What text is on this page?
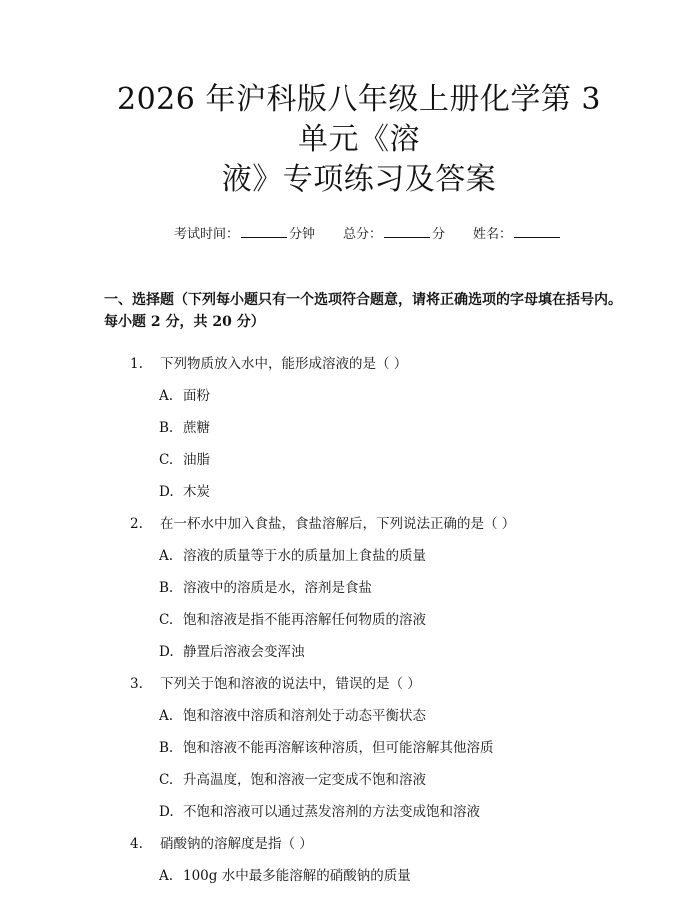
2026 年沪科版八年级上册化学第 3 单元《溶
液》专项练习及答案
考试时间：	分钟 总分：	分 姓名：
一、选择题（下列每小题只有一个选项符合题意，请将正确选项的字母填在括号内。每小题 2 分，共 20 分）
1.	下列物质放入水中，能形成溶液的是（ ）
A. 面粉
B. 蔗糖
C. 油脂
D. 木炭
2.	在一杯水中加入食盐，食盐溶解后，下列说法正确的是（ ）
A. 溶液的质量等于水的质量加上食盐的质量
B. 溶液中的溶质是水，溶剂是食盐
C. 饱和溶液是指不能再溶解任何物质的溶液
D. 静置后溶液会变浑浊
3.	下列关于饱和溶液的说法中，错误的是（ ）
A. 饱和溶液中溶质和溶剂处于动态平衡状态
B. 饱和溶液不能再溶解该种溶质，但可能溶解其他溶质
C. 升高温度，饱和溶液一定变成不饱和溶液
D. 不饱和溶液可以通过蒸发溶剂的方法变成饱和溶液
4.	硝酸钠的溶解度是指（ ）
A. 100g 水中最多能溶解的硝酸钠的质量
